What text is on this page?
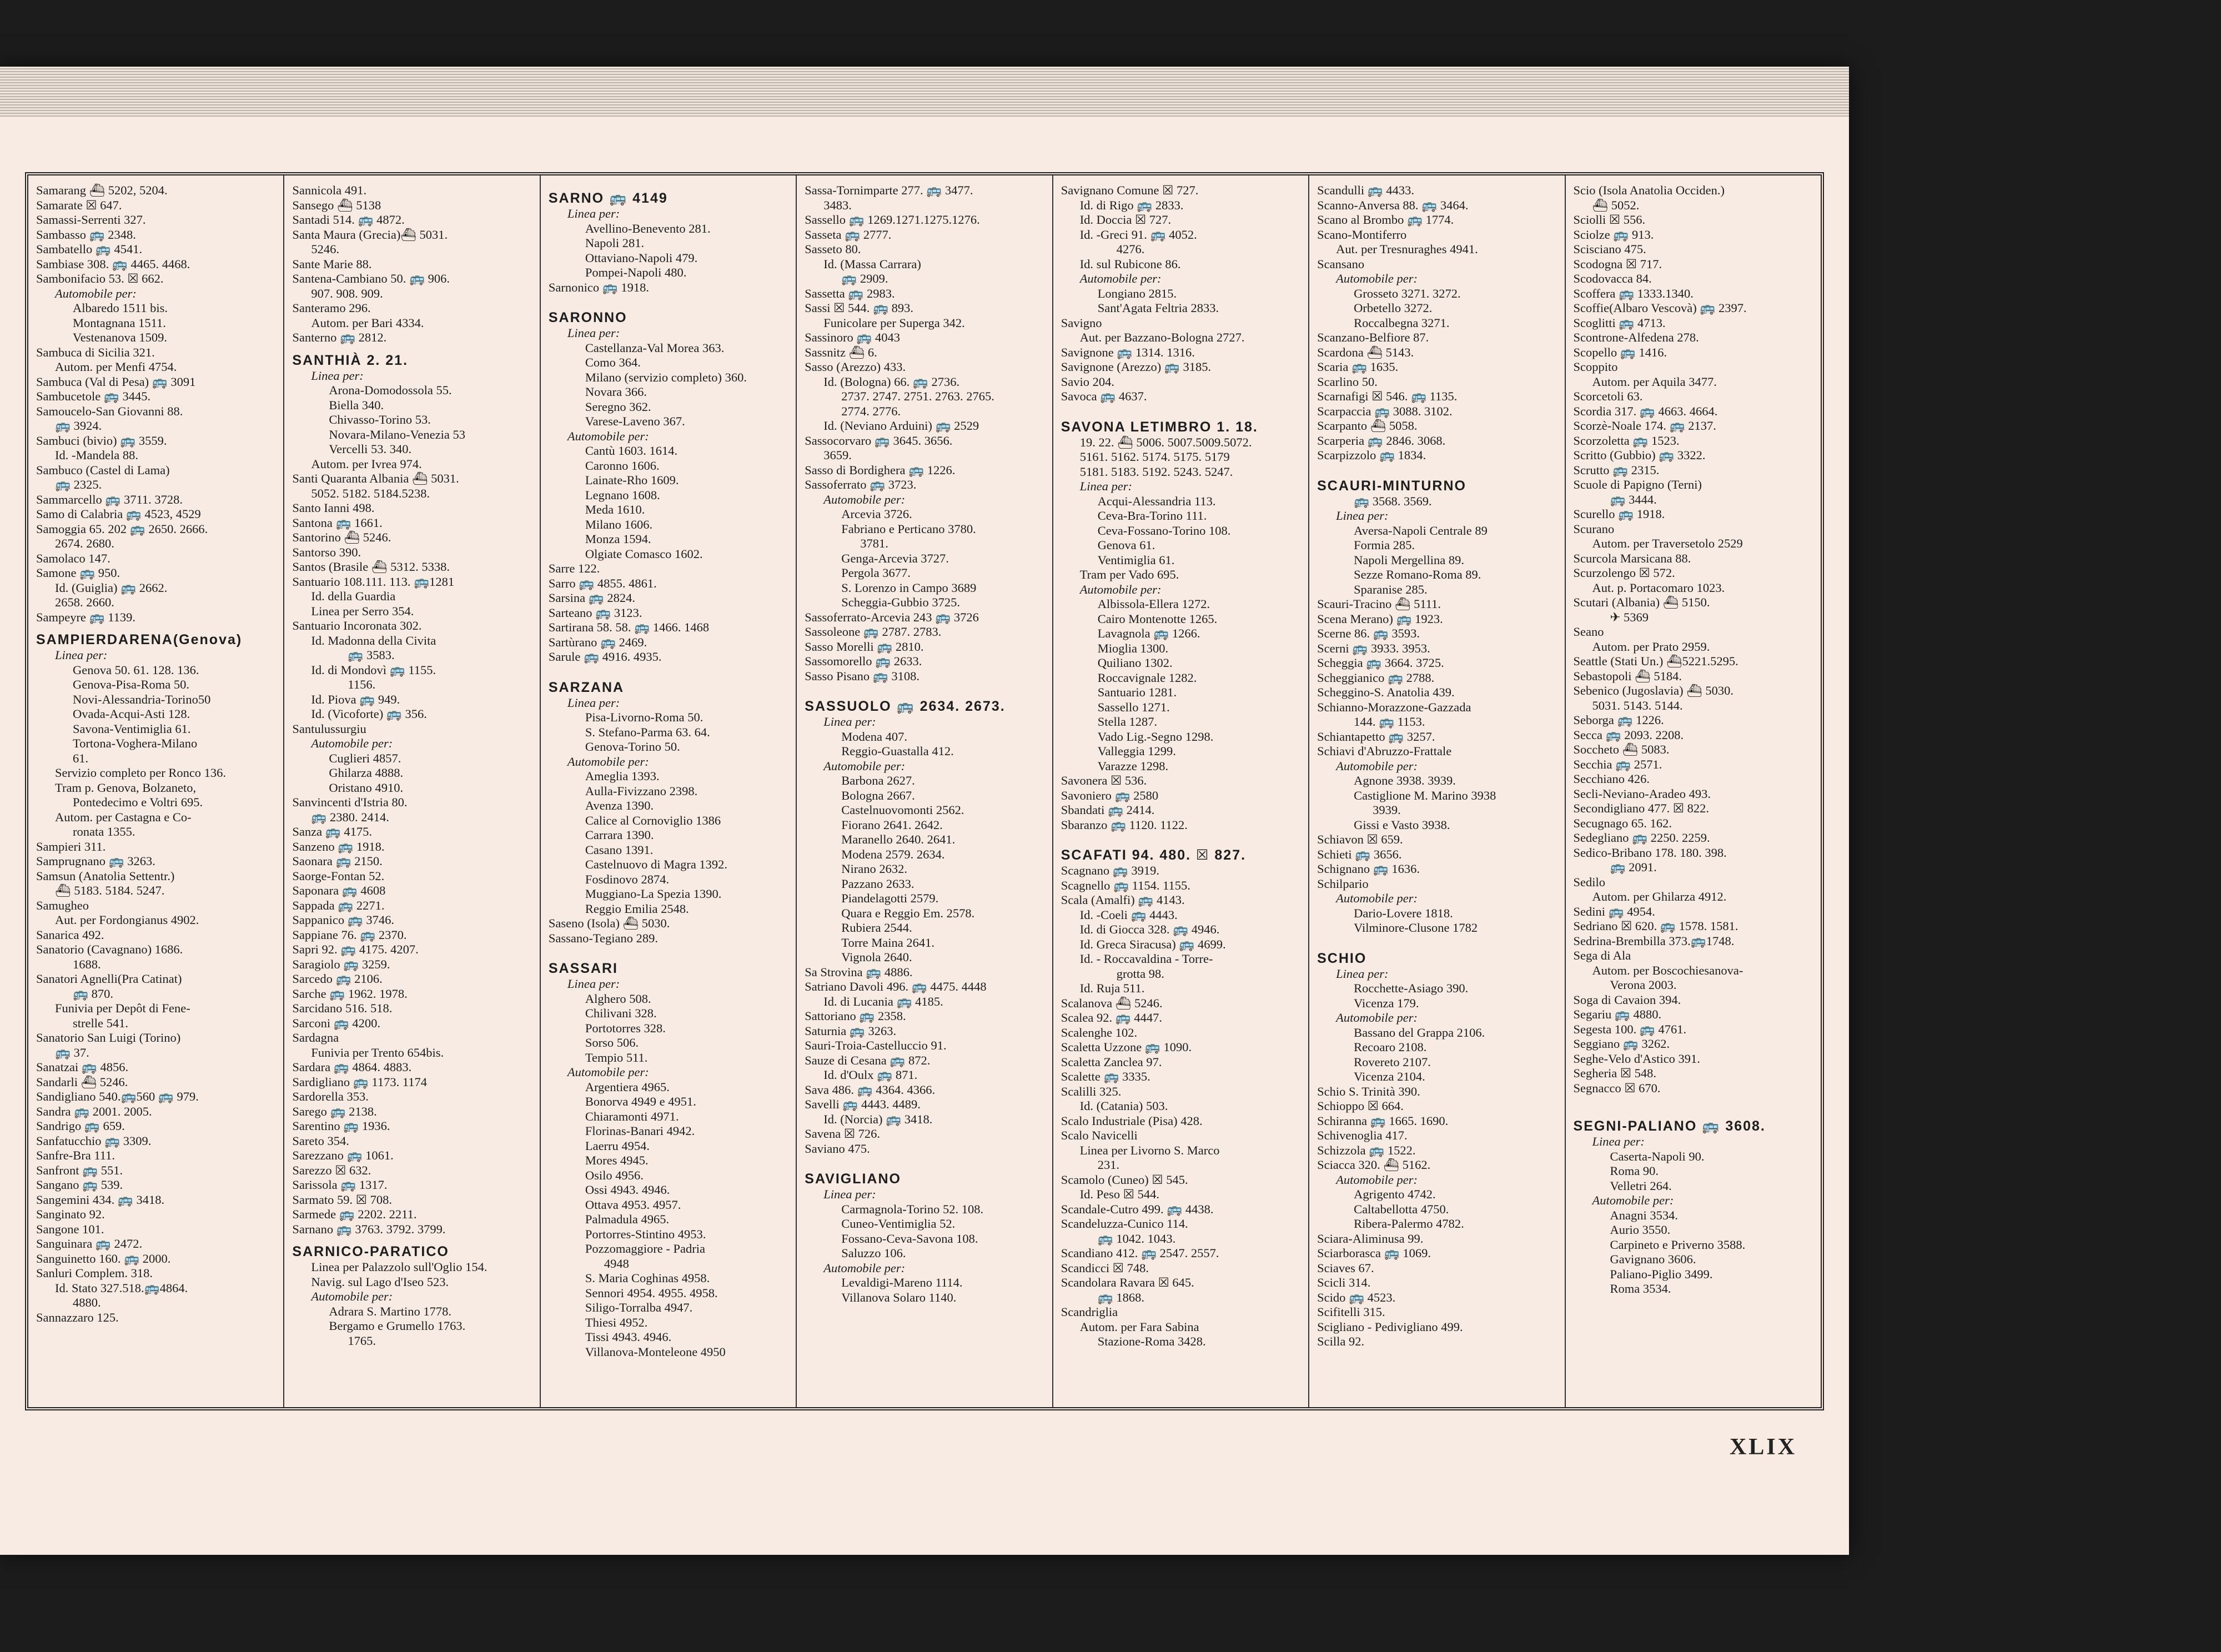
Samarang ⛴ 5202, 5204.
Samarate ☒ 647.
Samassi-Serrenti 327.
Sambasso 🚌 2348.
Sambatello 🚌 4541.
Sambiase 308. 🚌 4465. 4468.
Sambonifacio 53. ☒ 662.
Automobile per:
Albaredo 1511 bis.
Montagnana 1511.
Vestenanova 1509.
Sambuca di Sicilia 321.
Autom. per Menfi 4754.
Sambuca (Val di Pesa) 🚌 3091
Sambucetole 🚌 3445.
Samoucelo-San Giovanni 88.
🚌 3924.
Sambuci (bivio) 🚌 3559.
Id. -Mandela 88.
Sambuco (Castel di Lama)
🚌 2325.
Sammarcello 🚌 3711. 3728.
Samo di Calabria 🚌 4523, 4529
Samoggia 65. 202 🚌 2650. 2666.
2674. 2680.
Samolaco 147.
Samone 🚌 950.
Id. (Guiglia) 🚌 2662.
2658. 2660.
Sampeyre 🚌 1139.
SAMPIERDARENA(Genova)
Linea per:
Genova 50. 61. 128. 136.
Genova-Pisa-Roma 50.
Novi-Alessandria-Torino50
Ovada-Acqui-Asti 128.
Savona-Ventimiglia 61.
Tortona-Voghera-Milano
61.
Servizio completo per Ronco 136.
Tram p. Genova, Bolzaneto,
Pontedecimo e Voltri 695.
Autom. per Castagna e Co-
ronata 1355.
Sampieri 311.
Samprugnano 🚌 3263.
Samsun (Anatolia Settentr.)
⛴ 5183. 5184. 5247.
Samugheo
Aut. per Fordongianus 4902.
Sanarica 492.
Sanatorio (Cavagnano) 1686.
1688.
Sanatori Agnelli(Pra Catinat)
🚌 870.
Funivia per Depôt di Fene-
strelle 541.
Sanatorio San Luigi (Torino)
🚌 37.
Sanatzai 🚌 4856.
Sandarli ⛴ 5246.
Sandigliano 540.🚌560 🚌 979.
Sandra 🚌 2001. 2005.
Sandrigo 🚌 659.
Sanfatucchio 🚌 3309.
Sanfre-Bra 111.
Sanfront 🚌 551.
Sangano 🚌 539.
Sangemini 434. 🚌 3418.
Sanginato 92.
Sangone 101.
Sanguinara 🚌 2472.
Sanguinetto 160. 🚌 2000.
Sanluri Complem. 318.
Id. Stato 327.518.🚌4864.
4880.
Sannazzaro 125.
Sannicola 491.
Sansego ⛴ 5138
Santadi 514. 🚌 4872.
Santa Maura (Grecia)⛴ 5031.
5246.
Sante Marie 88.
Santena-Cambiano 50. 🚌 906.
907. 908. 909.
Santeramo 296.
Autom. per Bari 4334.
Santerno 🚌 2812.
SANTHIÀ 2. 21.
Linea per:
Arona-Domodossola 55.
Biella 340.
Chivasso-Torino 53.
Novara-Milano-Venezia 53
Vercelli 53. 340.
Autom. per Ivrea 974.
Santi Quaranta Albania ⛴ 5031.
5052. 5182. 5184.5238.
Santo Ianni 498.
Santona 🚌 1661.
Santorino ⛴ 5246.
Santorso 390.
Santos (Brasile ⛴ 5312. 5338.
Santuario 108.111. 113. 🚌1281
Id. della Guardia
Linea per Serro 354.
Santuario Incoronata 302.
Id. Madonna della Civita
🚌 3583.
Id. di Mondovì 🚌 1155.
1156.
Id. Piova 🚌 949.
Id. (Vicoforte) 🚌 356.
Santulussurgiu
Automobile per:
Cuglieri 4857.
Ghilarza 4888.
Oristano 4910.
Sanvincenti d'Istria 80.
🚌 2380. 2414.
Sanza 🚌 4175.
Sanzeno 🚌 1918.
Saonara 🚌 2150.
Saorge-Fontan 52.
Saponara 🚌 4608
Sappada 🚌 2271.
Sappanico 🚌 3746.
Sappiane 76. 🚌 2370.
Sapri 92. 🚌 4175. 4207.
Saragiolo 🚌 3259.
Sarcedo 🚌 2106.
Sarche 🚌 1962. 1978.
Sarcidano 516. 518.
Sarconi 🚌 4200.
Sardagna
Funivia per Trento 654bis.
Sardara 🚌 4864. 4883.
Sardigliano 🚌 1173. 1174
Sardorella 353.
Sarego 🚌 2138.
Sarentino 🚌 1936.
Sareto 354.
Sarezzano 🚌 1061.
Sarezzo ☒ 632.
Sarissola 🚌 1317.
Sarmato 59. ☒ 708.
Sarmede 🚌 2202. 2211.
Sarnano 🚌 3763. 3792. 3799.
SARNICO-PARATICO
Linea per Palazzolo sull'Oglio 154.
Navig. sul Lago d'Iseo 523.
Automobile per:
Adrara S. Martino 1778.
Bergamo e Grumello 1763.
1765.
SARNO 🚌 4149
Linea per:
Avellino-Benevento 281.
Napoli 281.
Ottaviano-Napoli 479.
Pompei-Napoli 480.
Sarnonico 🚌 1918.
SARONNO
Linea per:
Castellanza-Val Morea 363.
Como 364.
Milano (servizio completo) 360.
Novara 366.
Seregno 362.
Varese-Laveno 367.
Automobile per:
Cantù 1603. 1614.
Caronno 1606.
Lainate-Rho 1609.
Legnano 1608.
Meda 1610.
Milano 1606.
Monza 1594.
Olgiate Comasco 1602.
Sarre 122.
Sarro 🚌 4855. 4861.
Sarsina 🚌 2824.
Sarteano 🚌 3123.
Sartirana 58. 58. 🚌 1466. 1468
Sartùrano 🚌 2469.
Sarule 🚌 4916. 4935.
SARZANA
Linea per:
Pisa-Livorno-Roma 50.
S. Stefano-Parma 63. 64.
Genova-Torino 50.
Automobile per:
Ameglia 1393.
Aulla-Fivizzano 2398.
Avenza 1390.
Calice al Cornoviglio 1386
Carrara 1390.
Casano 1391.
Castelnuovo di Magra 1392.
Fosdinovo 2874.
Muggiano-La Spezia 1390.
Reggio Emilia 2548.
Saseno (Isola) ⛴ 5030.
Sassano-Tegiano 289.
SASSARI
Linea per:
Alghero 508.
Chilivani 328.
Portotorres 328.
Sorso 506.
Tempio 511.
Automobile per:
Argentiera 4965.
Bonorva 4949 e 4951.
Chiaramonti 4971.
Florinas-Banari 4942.
Laerru 4954.
Mores 4945.
Osilo 4956.
Ossi 4943. 4946.
Ottava 4953. 4957.
Palmadula 4965.
Portorres-Stintino 4953.
Pozzomaggiore - Padria
4948
S. Maria Coghinas 4958.
Sennori 4954. 4955. 4958.
Siligo-Torralba 4947.
Thiesi 4952.
Tissi 4943. 4946.
Villanova-Monteleone 4950
Sassa-Tornimparte 277. 🚌 3477.
3483.
Sassello 🚌 1269.1271.1275.1276.
Sasseta 🚌 2777.
Sasseto 80.
Id. (Massa Carrara)
🚌 2909.
Sassetta 🚌 2983.
Sassi ☒ 544. 🚌 893.
Funicolare per Superga 342.
Sassinoro 🚌 4043
Sassnitz ⛴ 6.
Sasso (Arezzo) 433.
Id. (Bologna) 66. 🚌 2736.
2737. 2747. 2751. 2763. 2765.
2774. 2776.
Id. (Neviano Arduini) 🚌 2529
Sassocorvaro 🚌 3645. 3656.
3659.
Sasso di Bordighera 🚌 1226.
Sassoferrato 🚌 3723.
Automobile per:
Arcevia 3726.
Fabriano e Perticano 3780.
3781.
Genga-Arcevia 3727.
Pergola 3677.
S. Lorenzo in Campo 3689
Scheggia-Gubbio 3725.
Sassoferrato-Arcevia 243 🚌 3726
Sassoleone 🚌 2787. 2783.
Sasso Morelli 🚌 2810.
Sassomorello 🚌 2633.
Sasso Pisano 🚌 3108.
SASSUOLO 🚌 2634. 2673.
Linea per:
Modena 407.
Reggio-Guastalla 412.
Automobile per:
Barbona 2627.
Bologna 2667.
Castelnuovomonti 2562.
Fiorano 2641. 2642.
Maranello 2640. 2641.
Modena 2579. 2634.
Nirano 2632.
Pazzano 2633.
Piandelagotti 2579.
Quara e Reggio Em. 2578.
Rubiera 2544.
Torre Maina 2641.
Vignola 2640.
Sa Strovina 🚌 4886.
Satriano Davoli 496. 🚌 4475. 4448
Id. di Lucania 🚌 4185.
Sattoriano 🚌 2358.
Saturnia 🚌 3263.
Sauri-Troia-Castelluccio 91.
Sauze di Cesana 🚌 872.
Id. d'Oulx 🚌 871.
Sava 486. 🚌 4364. 4366.
Savelli 🚌 4443. 4489.
Id. (Norcia) 🚌 3418.
Savena ☒ 726.
Saviano 475.
SAVIGLIANO
Linea per:
Carmagnola-Torino 52. 108.
Cuneo-Ventimiglia 52.
Fossano-Ceva-Savona 108.
Saluzzo 106.
Automobile per:
Levaldigi-Mareno 1114.
Villanova Solaro 1140.
Savignano Comune ☒ 727.
Id. di Rigo 🚌 2833.
Id. Doccia ☒ 727.
Id. -Greci 91. 🚌 4052.
4276.
Id. sul Rubicone 86.
Automobile per:
Longiano 2815.
Sant'Agata Feltria 2833.
Savigno
Aut. per Bazzano-Bologna 2727.
Savignone 🚌 1314. 1316.
Savignone (Arezzo) 🚌 3185.
Savio 204.
Savoca 🚌 4637.
SAVONA LETIMBRO 1. 18.
19. 22. ⛴ 5006. 5007.5009.5072.
5161. 5162. 5174. 5175. 5179
5181. 5183. 5192. 5243. 5247.
Linea per:
Acqui-Alessandria 113.
Ceva-Bra-Torino 111.
Ceva-Fossano-Torino 108.
Genova 61.
Ventimiglia 61.
Tram per Vado 695.
Automobile per:
Albissola-Ellera 1272.
Cairo Montenotte 1265.
Lavagnola 🚌 1266.
Mioglia 1300.
Quiliano 1302.
Roccavignale 1282.
Santuario 1281.
Sassello 1271.
Stella 1287.
Vado Lig.-Segno 1298.
Valleggia 1299.
Varazze 1298.
Savonera ☒ 536.
Savoniero 🚌 2580
Sbandati 🚌 2414.
Sbaranzo 🚌 1120. 1122.
SCAFATI 94. 480. ☒ 827.
Scagnano 🚌 3919.
Scagnello 🚌 1154. 1155.
Scala (Amalfi) 🚌 4143.
Id. -Coeli 🚌 4443.
Id. di Giocca 328. 🚌 4946.
Id. Greca Siracusa) 🚌 4699.
Id. - Roccavaldina - Torre-
grotta 98.
Id. Ruja 511.
Scalanova ⛴ 5246.
Scalea 92. 🚌 4447.
Scalenghe 102.
Scaletta Uzzone 🚌 1090.
Scaletta Zanclea 97.
Scalette 🚌 3335.
Scalilli 325.
Id. (Catania) 503.
Scalo Industriale (Pisa) 428.
Scalo Navicelli
Linea per Livorno S. Marco
231.
Scamolo (Cuneo) ☒ 545.
Id. Peso ☒ 544.
Scandale-Cutro 499. 🚌 4438.
Scandeluzza-Cunico 114.
🚌 1042. 1043.
Scandiano 412. 🚌 2547. 2557.
Scandicci ☒ 748.
Scandolara Ravara ☒ 645.
🚌 1868.
Scandriglia
Autom. per Fara Sabina
Stazione-Roma 3428.
Scandulli 🚌 4433.
Scanno-Anversa 88. 🚌 3464.
Scano al Brombo 🚌 1774.
Scano-Montiferro
Aut. per Tresnuraghes 4941.
Scansano
Automobile per:
Grosseto 3271. 3272.
Orbetello 3272.
Roccalbegna 3271.
Scanzano-Belfiore 87.
Scardona ⛴ 5143.
Scaria 🚌 1635.
Scarlino 50.
Scarnafigi ☒ 546. 🚌 1135.
Scarpaccia 🚌 3088. 3102.
Scarpanto ⛴ 5058.
Scarperia 🚌 2846. 3068.
Scarpizzolo 🚌 1834.
SCAURI-MINTURNO
🚌 3568. 3569.
Linea per:
Aversa-Napoli Centrale 89
Formia 285.
Napoli Mergellina 89.
Sezze Romano-Roma 89.
Sparanise 285.
Scauri-Tracino ⛴ 5111.
Scena Merano) 🚌 1923.
Scerne 86. 🚌 3593.
Scerni 🚌 3933. 3953.
Scheggia 🚌 3664. 3725.
Scheggianico 🚌 2788.
Scheggino-S. Anatolia 439.
Schianno-Morazzone-Gazzada
144. 🚌 1153.
Schiantapetto 🚌 3257.
Schiavi d'Abruzzo-Frattale
Automobile per:
Agnone 3938. 3939.
Castiglione M. Marino 3938
3939.
Gissi e Vasto 3938.
Schiavon ☒ 659.
Schieti 🚌 3656.
Schignano 🚌 1636.
Schilpario
Automobile per:
Dario-Lovere 1818.
Vilminore-Clusone 1782
SCHIO
Linea per:
Rocchette-Asiago 390.
Vicenza 179.
Automobile per:
Bassano del Grappa 2106.
Recoaro 2108.
Rovereto 2107.
Vicenza 2104.
Schio S. Trinità 390.
Schioppo ☒ 664.
Schiranna 🚌 1665. 1690.
Schivenoglia 417.
Schizzola 🚌 1522.
Sciacca 320. ⛴ 5162.
Automobile per:
Agrigento 4742.
Caltabellotta 4750.
Ribera-Palermo 4782.
Sciara-Aliminusa 99.
Sciarborasca 🚌 1069.
Sciaves 67.
Scicli 314.
Scido 🚌 4523.
Scifitelli 315.
Scigliano - Pedivigliano 499.
Scilla 92.
Scio (Isola Anatolia Occiden.)
⛴ 5052.
Sciolli ☒ 556.
Sciolze 🚌 913.
Scisciano 475.
Scodogna ☒ 717.
Scodovacca 84.
Scoffera 🚌 1333.1340.
Scoffie(Albaro Vescovà) 🚌 2397.
Scoglitti 🚌 4713.
Scontrone-Alfedena 278.
Scopello 🚌 1416.
Scoppito
Autom. per Aquila 3477.
Scorcetoli 63.
Scordia 317. 🚌 4663. 4664.
Scorzè-Noale 174. 🚌 2137.
Scorzoletta 🚌 1523.
Scritto (Gubbio) 🚌 3322.
Scrutto 🚌 2315.
Scuole di Papigno (Terni)
🚌 3444.
Scurello 🚌 1918.
Scurano
Autom. per Traversetolo 2529
Scurcola Marsicana 88.
Scurzolengo ☒ 572.
Aut. p. Portacomaro 1023.
Scutari (Albania) ⛴ 5150.
✈ 5369
Seano
Autom. per Prato 2959.
Seattle (Stati Un.) ⛴5221.5295.
Sebastopoli ⛴ 5184.
Sebenico (Jugoslavia) ⛴ 5030.
5031. 5143. 5144.
Seborga 🚌 1226.
Secca 🚌 2093. 2208.
Soccheto ⛴ 5083.
Secchia 🚌 2571.
Secchiano 426.
Secli-Neviano-Aradeo 493.
Secondigliano 477. ☒ 822.
Secugnago 65. 162.
Sedegliano 🚌 2250. 2259.
Sedico-Bribano 178. 180. 398.
🚌 2091.
Sedilo
Autom. per Ghilarza 4912.
Sedini 🚌 4954.
Sedriano ☒ 620. 🚌 1578. 1581.
Sedrina-Brembilla 373.🚌1748.
Sega di Ala
Autom. per Boscochiesanova-
Verona 2003.
Soga di Cavaion 394.
Segariu 🚌 4880.
Segesta 100. 🚌 4761.
Seggiano 🚌 3262.
Seghe-Velo d'Astico 391.
Segheria ☒ 548.
Segnacco ☒ 670.
SEGNI-PALIANO 🚌 3608.
Linea per:
Caserta-Napoli 90.
Roma 90.
Velletri 264.
Automobile per:
Anagni 3534.
Aurio 3550.
Carpineto e Priverno 3588.
Gavignano 3606.
Paliano-Piglio 3499.
Roma 3534.
XLIX
